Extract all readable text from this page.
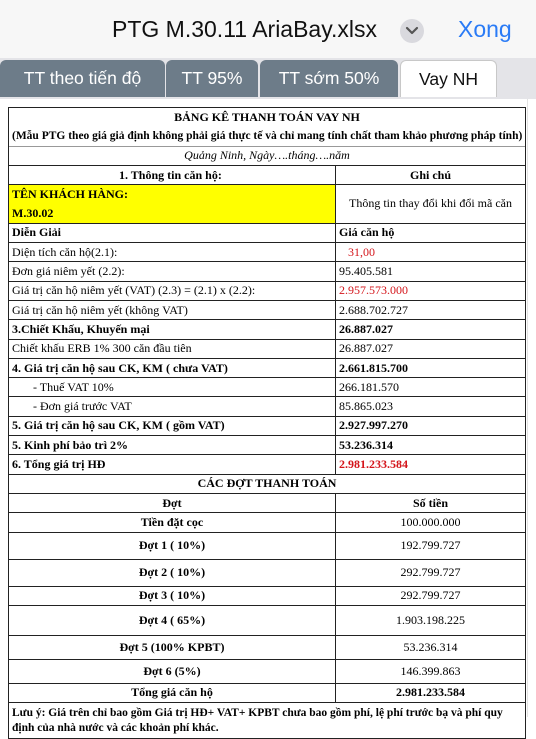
PTG M.30.11 AriaBay.xlsx	Xong
TT theo tiến độ	TT 95%	TT sớm 50%	Vay NH
BẢNG KÊ THANH TOÁN VAY NH	
(Mẫu PTG theo giá giả định không phải giá thực tế và chỉ mang tính chất tham khảo phương pháp tính)	
Quảng Ninh, Ngày….tháng….năm	
1. Thông tin căn hộ:	Ghi chú
TÊN KHÁCH HÀNG:	Thông tin thay đổi khi đổi mã căn
M.30.02	
Diễn Giải	Giá căn hộ
Diện tích căn hộ(2.1):	31,00
Đơn giá niêm yết (2.2):	95.405.581
Giá trị căn hộ niêm yết (VAT) (2.3) = (2.1) x (2.2):	2.957.573.000
Giá trị căn hộ niêm yết (không VAT)	2.688.702.727
3.Chiết Khấu, Khuyến mại	26.887.027
Chiết khấu ERB 1% 300 căn đầu tiên	26.887.027
4. Giá trị căn hộ sau CK, KM ( chưa VAT)	2.661.815.700
- Thuế VAT 10%	266.181.570
- Đơn giá trước VAT	85.865.023
5. Giá trị căn hộ sau CK, KM ( gồm VAT)	2.927.997.270
5. Kinh phí bảo trì 2%	53.236.314
6. Tổng giá trị HĐ	2.981.233.584
CÁC ĐỢT THANH TOÁN	
Đợt	Số tiền
Tiền đặt cọc	100.000.000
Đợt 1 ( 10%)	192.799.727
Đợt 2 ( 10%)	292.799.727
Đợt 3 ( 10%)	292.799.727
Đợt 4 ( 65%)	1.903.198.225
Đợt 5 (100% KPBT)	53.236.314
Đợt 6 (5%)	146.399.863
Tổng giá căn hộ	2.981.233.584
Lưu ý: Giá trên chỉ bao gồm Giá trị HĐ+ VAT+ KPBT chưa bao gồm phí, lệ phí trước bạ và phí quy định của nhà nước và các khoản phí khác.	
